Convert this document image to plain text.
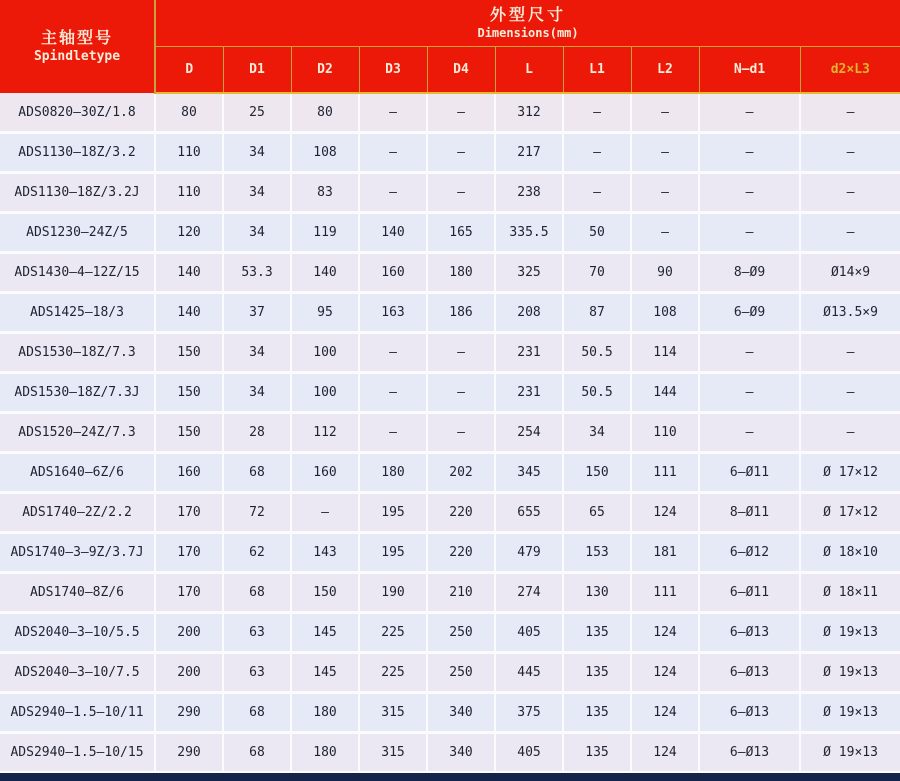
主轴型号
Spindletype

外型尺寸
Dimensions(mm)

	D	D1	D2	D3	D4	L	L1	L2	N—d1	d2×L3
ADS0820—30Z/1.8	80	25	80	—	—	312	—	—	—	—
ADS1130—18Z/3.2	110	34	108	—	—	217	—	—	—	—
ADS1130—18Z/3.2J	110	34	83	—	—	238	—	—	—	—
ADS1230—24Z/5	120	34	119	140	165	335.5	50	—	—	—
ADS1430—4—12Z/15	140	53.3	140	160	180	325	70	90	8—Ø9	Ø14×9
ADS1425—18/3	140	37	95	163	186	208	87	108	6—Ø9	Ø13.5×9
ADS1530—18Z/7.3	150	34	100	—	—	231	50.5	114	—	—
ADS1530—18Z/7.3J	150	34	100	—	—	231	50.5	144	—	—
ADS1520—24Z/7.3	150	28	112	—	—	254	34	110	—	—
ADS1640—6Z/6	160	68	160	180	202	345	150	111	6—Ø11	Ø 17×12
ADS1740—2Z/2.2	170	72	—	195	220	655	65	124	8—Ø11	Ø 17×12
ADS1740—3—9Z/3.7J	170	62	143	195	220	479	153	181	6—Ø12	Ø 18×10
ADS1740—8Z/6	170	68	150	190	210	274	130	111	6—Ø11	Ø 18×11
ADS2040—3—10/5.5	200	63	145	225	250	405	135	124	6—Ø13	Ø 19×13
ADS2040—3—10/7.5	200	63	145	225	250	445	135	124	6—Ø13	Ø 19×13
ADS2940—1.5—10/11	290	68	180	315	340	375	135	124	6—Ø13	Ø 19×13
ADS2940—1.5—10/15	290	68	180	315	340	405	135	124	6—Ø13	Ø 19×13
